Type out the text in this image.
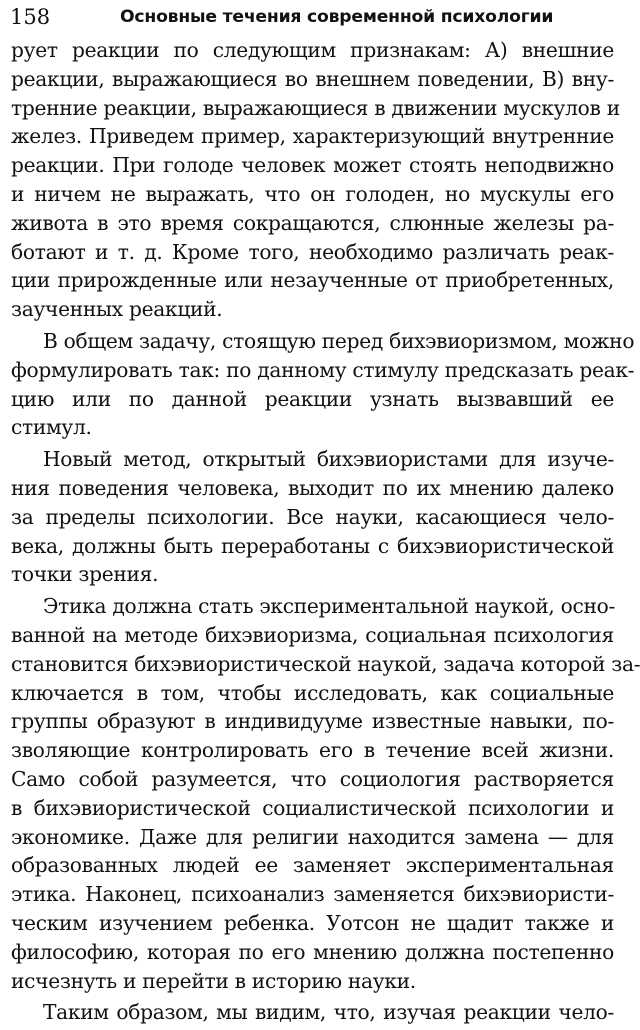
158	Основные течения современной психологии
рует реакции по следующим признакам: А) внешние
реакции, выражающиеся во внешнем поведении, В) вну-
тренние реакции, выражающиеся в движении мускулов и
желез. Приведем пример, характеризующий внутренние
реакции. При голоде человек может стоять неподвижно
и ничем не выражать, что он голоден, но мускулы его
живота в это время сокращаются, слюнные железы ра-
ботают и т. д. Кроме того, необходимо различать реак-
ции прирожденные или незаученные от приобретенных,
заученных реакций.
В общем задачу, стоящую перед бихэвиоризмом, можно
формулировать так: по данному стимулу предсказать реак-
цию или по данной реакции узнать вызвавший ее
стимул.
Новый метод, открытый бихэвиористами для изуче-
ния поведения человека, выходит по их мнению далеко
за пределы психологии. Все науки, касающиеся чело-
века, должны быть переработаны с бихэвиористической
точки зрения.
Этика должна стать экспериментальной наукой, осно-
ванной на методе бихэвиоризма, социальная психология
становится бихэвиористической наукой, задача которой за-
ключается в том, чтобы исследовать, как социальные
группы образуют в индивидууме известные навыки, по-
зволяющие контролировать его в течение всей жизни.
Само собой разумеется, что социология растворяется
в бихэвиористической социалистической психологии и
экономике. Даже для религии находится замена — для
образованных людей ее заменяет экспериментальная
этика. Наконец, психоанализ заменяется бихэвиористи-
ческим изучением ребенка. Уотсон не щадит также и
философию, которая по его мнению должна постепенно
исчезнуть и перейти в историю науки.
Таким образом, мы видим, что, изучая реакции чело-
